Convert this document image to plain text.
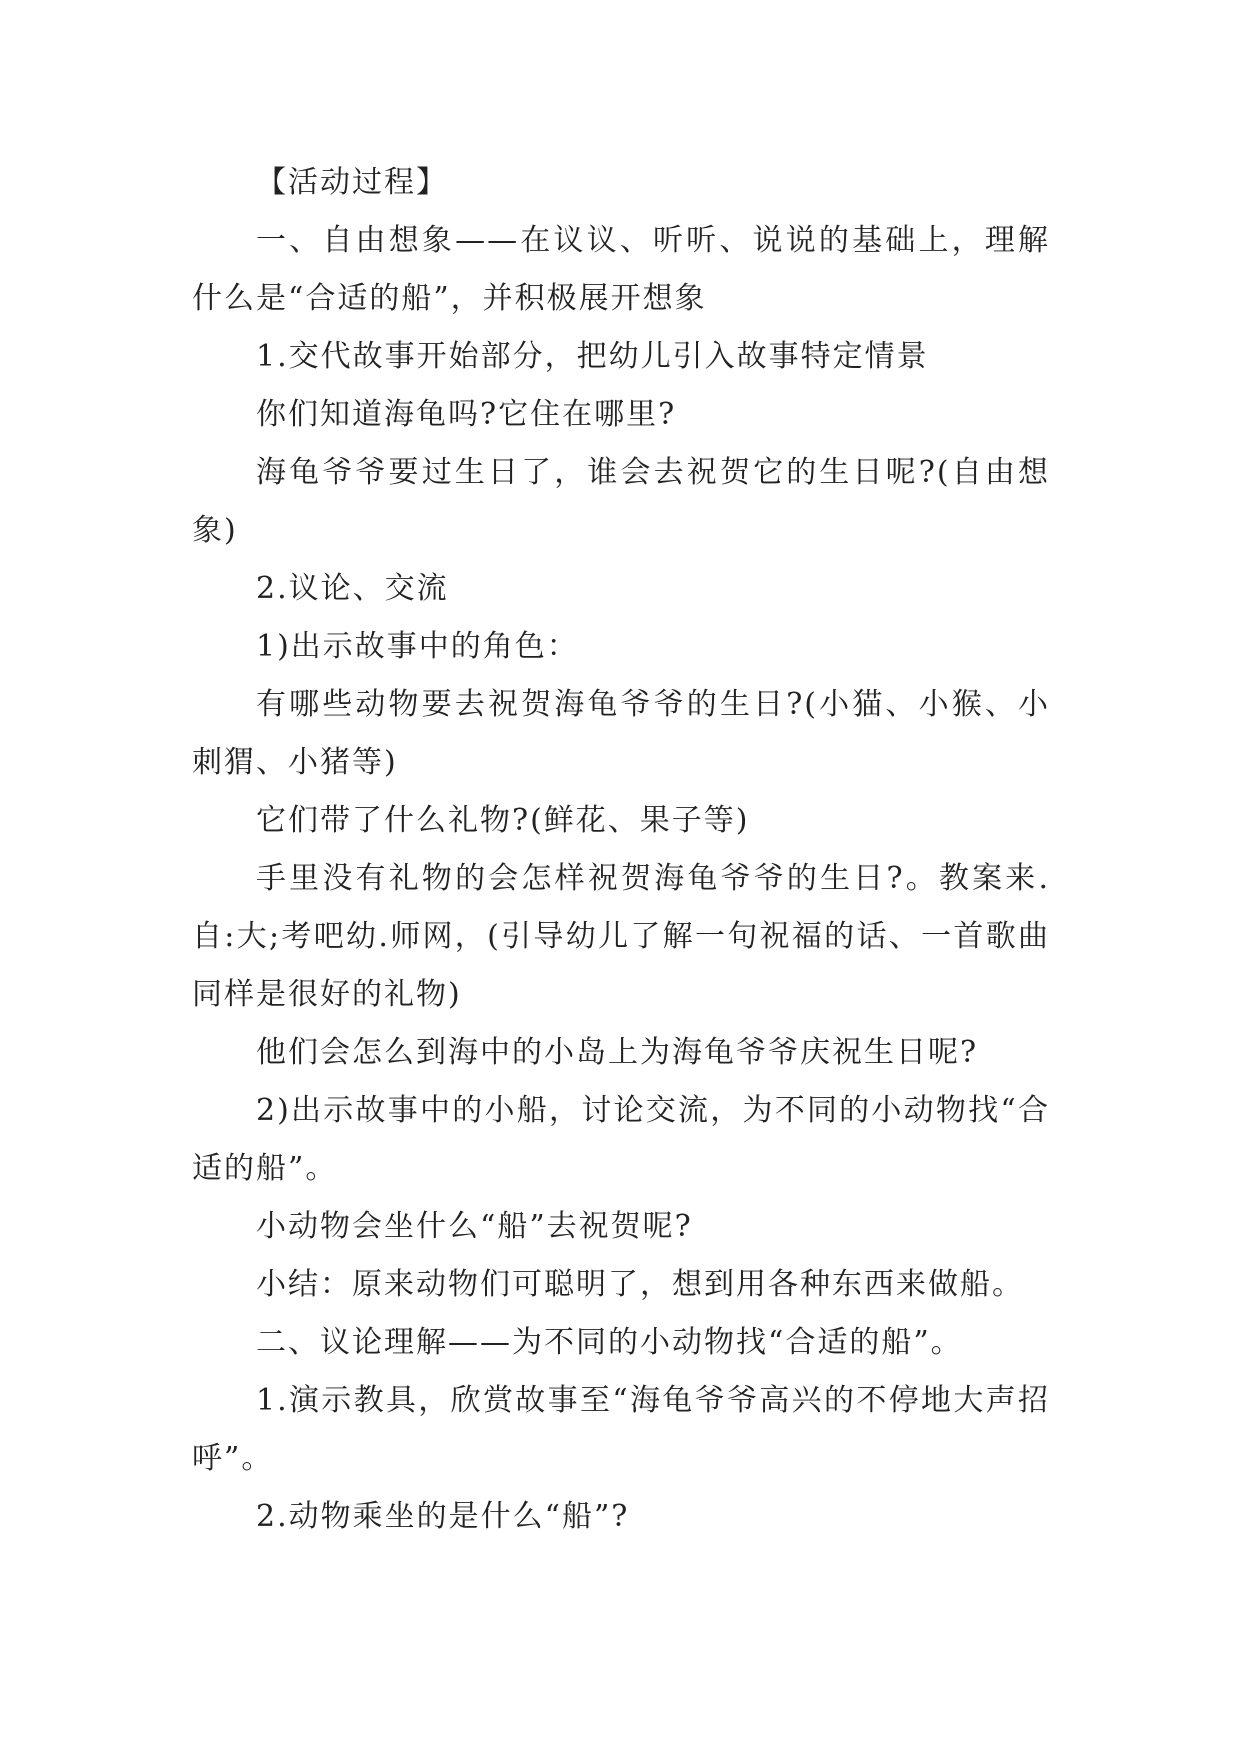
【活动过程】

一、自由想象——在议议、听听、说说的基础上，理解什么是“合适的船”，并积极展开想象

1.交代故事开始部分，把幼儿引入故事特定情景

你们知道海龟吗?它住在哪里?

海龟爷爷要过生日了，谁会去祝贺它的生日呢?(自由想象)

2.议论、交流

1)出示故事中的角色：

有哪些动物要去祝贺海龟爷爷的生日?(小猫、小猴、小刺猬、小猪等)

它们带了什么礼物?(鲜花、果子等)

手里没有礼物的会怎样祝贺海龟爷爷的生日?。教案来.自:大;考吧幼.师网，(引导幼儿了解一句祝福的话、一首歌曲同样是很好的礼物)

他们会怎么到海中的小岛上为海龟爷爷庆祝生日呢?

2)出示故事中的小船，讨论交流，为不同的小动物找“合适的船”。

小动物会坐什么“船”去祝贺呢?

小结：原来动物们可聪明了，想到用各种东西来做船。

二、议论理解——为不同的小动物找“合适的船”。

1.演示教具，欣赏故事至“海龟爷爷高兴的不停地大声招呼”。

2.动物乘坐的是什么“船”?
